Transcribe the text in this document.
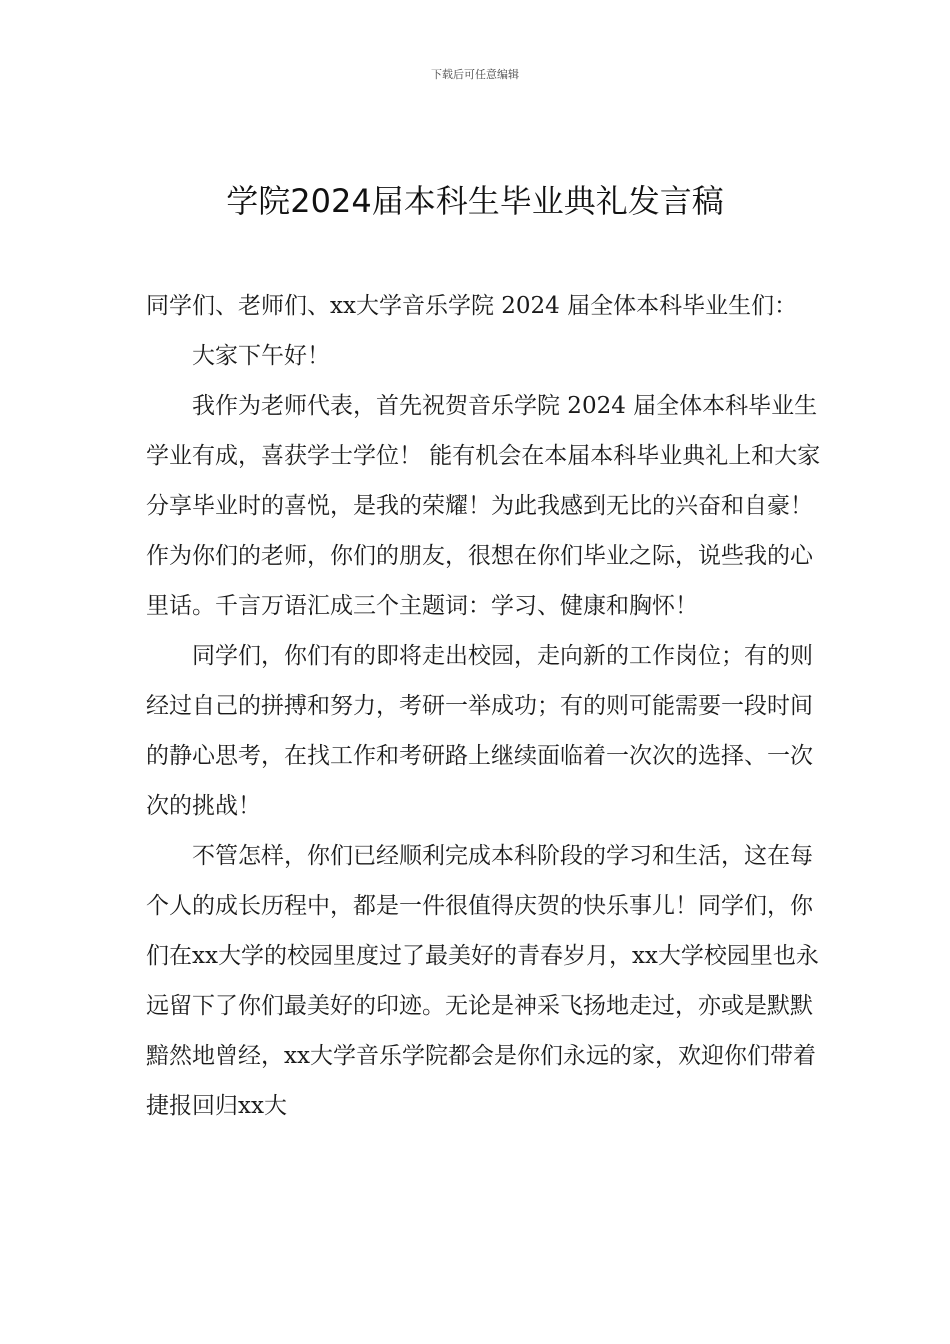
下载后可任意编辑
学院2024届本科生毕业典礼发言稿

同学们、老师们、xx大学音乐学院 2024 届全体本科毕业生们：

大家下午好！

我作为老师代表，首先祝贺音乐学院 2024 届全体本科毕业生学业有成，喜获学士学位！ 能有机会在本届本科毕业典礼上和大家分享毕业时的喜悦，是我的荣耀！为此我感到无比的兴奋和自豪！ 作为你们的老师，你们的朋友，很想在你们毕业之际，说些我的心里话。千言万语汇成三个主题词：学习、健康和胸怀！

同学们，你们有的即将走出校园，走向新的工作岗位；有的则经过自己的拼搏和努力，考研一举成功；有的则可能需要一段时间的静心思考，在找工作和考研路上继续面临着一次次的选择、一次次的挑战！

不管怎样，你们已经顺利完成本科阶段的学习和生活，这在每个人的成长历程中，都是一件很值得庆贺的快乐事儿！同学们，你们在xx大学的校园里度过了最美好的青春岁月，xx大学校园里也永远留下了你们最美好的印迹。无论是神采飞扬地走过，亦或是默默黯然地曾经，xx大学音乐学院都会是你们永远的家，欢迎你们带着捷报回归xx大
